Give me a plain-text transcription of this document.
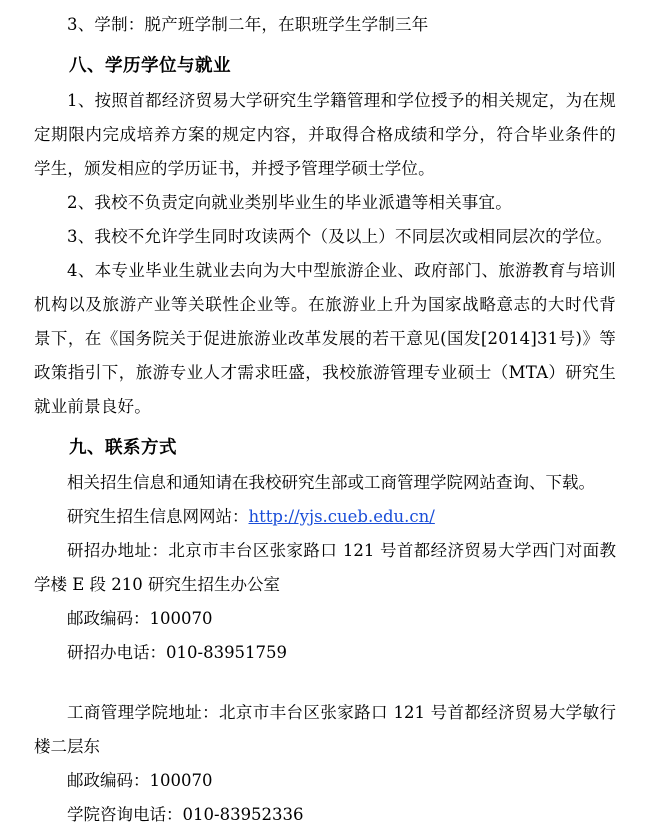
3、学制：脱产班学制二年，在职班学生学制三年

八、学历学位与就业

1、按照首都经济贸易大学研究生学籍管理和学位授予的相关规定，为在规定期限内完成培养方案的规定内容，并取得合格成绩和学分，符合毕业条件的学生，颁发相应的学历证书，并授予管理学硕士学位。

2、我校不负责定向就业类别毕业生的毕业派遣等相关事宜。

3、我校不允许学生同时攻读两个（及以上）不同层次或相同层次的学位。

4、本专业毕业生就业去向为大中型旅游企业、政府部门、旅游教育与培训机构以及旅游产业等关联性企业等。在旅游业上升为国家战略意志的大时代背景下，在《国务院关于促进旅游业改革发展的若干意见(国发[2014]31号)》等政策指引下，旅游专业人才需求旺盛，我校旅游管理专业硕士（MTA）研究生就业前景良好。

九、联系方式

相关招生信息和通知请在我校研究生部或工商管理学院网站查询、下载。

研究生招生信息网网站：http://yjs.cueb.edu.cn/

研招办地址：北京市丰台区张家路口 121 号首都经济贸易大学西门对面教学楼 E 段 210 研究生招生办公室

邮政编码：100070

研招办电话：010-83951759

工商管理学院地址：北京市丰台区张家路口 121 号首都经济贸易大学敏行楼二层东

邮政编码：100070

学院咨询电话：010-83952336
